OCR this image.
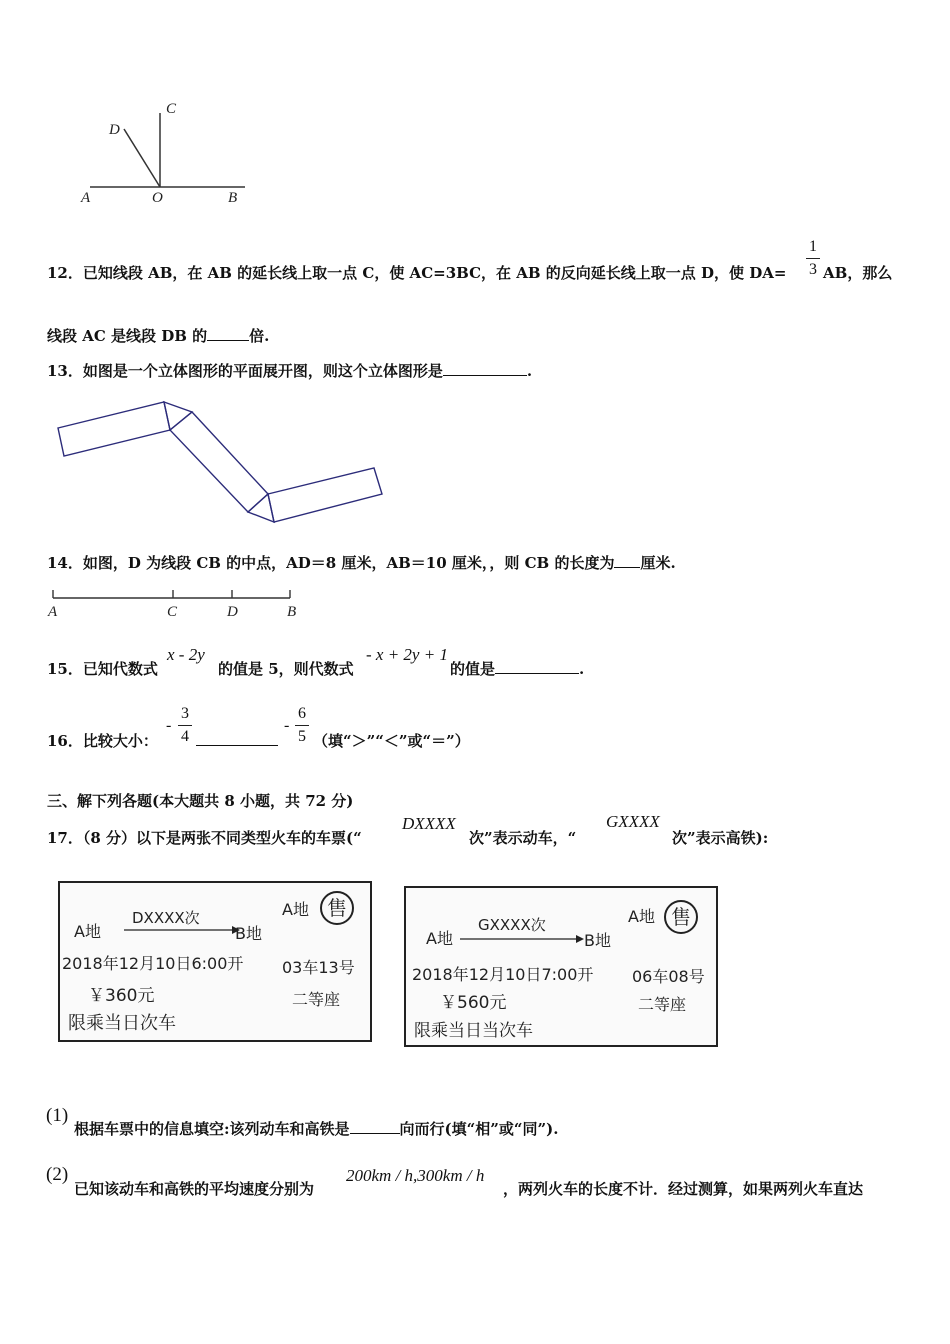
A	O	B
C
D
12．已知线段 AB，在 AB 的延长线上取一点 C，使 AC=3BC，在 AB 的反向延长线上取一点 D，使 DA=
1
3 AB，那么
线段 AC 是线段 DB 的	倍.
13．如图是一个立体图形的平面展开图，则这个立体图形是	.
14．如图，D 为线段 CB 的中点，AD＝8 厘米，AB＝10 厘米，，则 CB 的长度为 厘米.
A	C	D	B
15．已知代数式
x - 2y
的值是 5，则代数式
- x + 2y + 1
的值是	.
16．比较大小：
-
3
4
-
6
5 （填“＞”“＜”或“＝”）
三、解下列各题(本大题共 8 小题，共 72 分)
17．（8 分）以下是两张不同类型火车的车票(“
DXXXX
次”表示动车，“
GXXXX
次”表示高铁):
A地
DXXXX次
B地
A地 售
2018年12月10日6:00开 03车13号
￥360元	二等座
限乘当日次车
A地
GXXXX次
B地
A地 售
2018年12月10日7:00开 06车08号
￥560元	二等座
限乘当日当次车
(1)
根据车票中的信息填空:该列动车和高铁是	向而行(填“相”或“同”).
(2)
已知该动车和高铁的平均速度分别为
200km / h,300km / h
，两列火车的长度不计．经过测算，如果两列火车直达
